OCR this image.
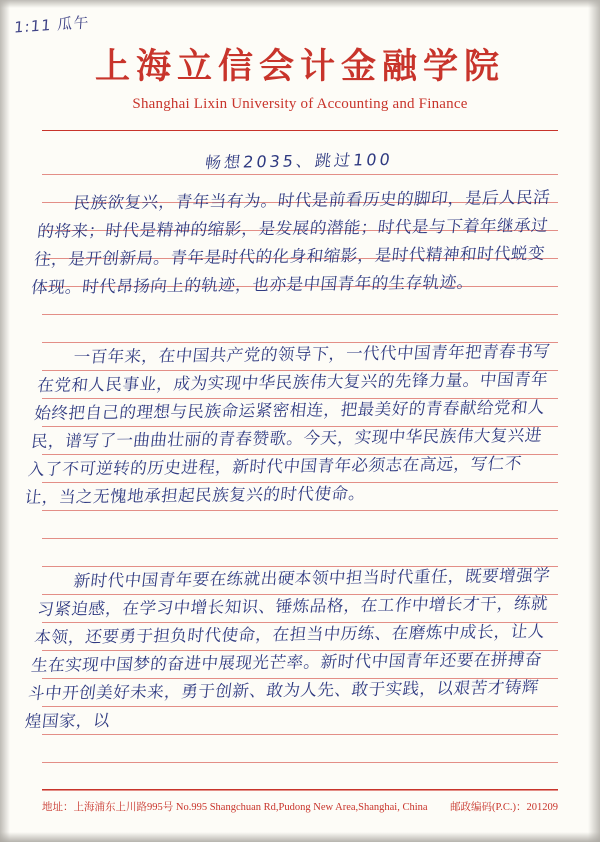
1:11 瓜午
上海立信会计金融学院
Shanghai Lixin University of Accounting and Finance
畅想2035、跳过100

民族欲复兴，青年当有为。时代是前看历史的脚印，是后人民活的将来；时代是精神的缩影，是发展的潜能；时代是与下着年继承过往，是开创新局。青年是时代的化身和缩影，是时代精神和时代蜕变体现。时代昂扬向上的轨迹，也亦是中国青年的生存轨迹。

一百年来，在中国共产党的领导下，一代代中国青年把青春书写在党和人民事业，成为实现中华民族伟大复兴的先锋力量。中国青年始终把自己的理想与民族命运紧密相连，把最美好的青春献给党和人民，谱写了一曲曲壮丽的青春赞歌。今天，实现中华民族伟大复兴进入了不可逆转的历史进程，新时代中国青年必须志在高远，写仁不让，当之无愧地承担起民族复兴的时代使命。

新时代中国青年要在练就出硬本领中担当时代重任，既要增强学习紧迫感，在学习中增长知识、锤炼品格，在工作中增长才干，练就本领，还要勇于担负时代使命，在担当中历练、在磨炼中成长，让人生在实现中国梦的奋进中展现光芒率。新时代中国青年还要在拼搏奋斗中开创美好未来，勇于创新、敢为人先、敢于实践，以艰苦才铸辉煌国家，以

地址：上海浦东上川路995号 No.995 Shangchuan Rd,Pudong New Area,Shanghai, China 邮政编码(P.C.)：201209
